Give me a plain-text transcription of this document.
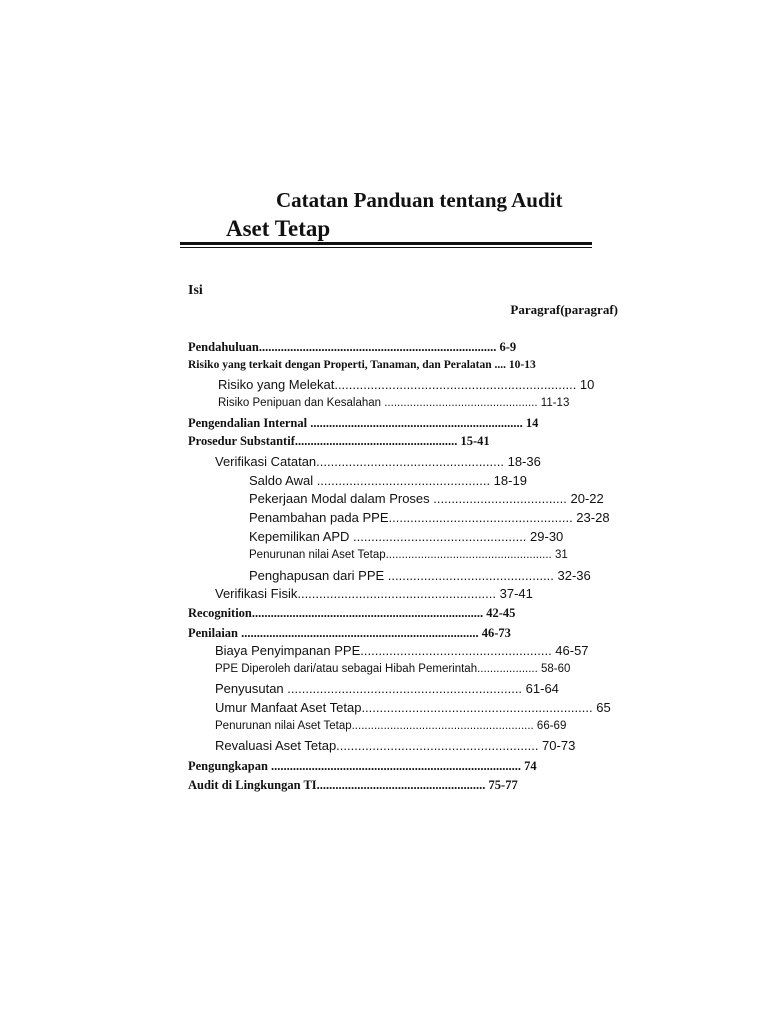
Catatan Panduan tentang Audit
Aset Tetap
Isi
Paragraf(paragraf)
Pendahuluan............................................................................ 6-9
Risiko yang terkait dengan Properti, Tanaman, dan Peralatan .... 10-13
Risiko yang Melekat................................................................... 10
Risiko Penipuan dan Kesalahan ................................................ 11-13
Pengendalian Internal .................................................................... 14
Prosedur Substantif.................................................... 15-41
Verifikasi Catatan.................................................... 18-36
Saldo Awal ................................................ 18-19
Pekerjaan Modal dalam Proses ..................................... 20-22
Penambahan pada PPE................................................... 23-28
Kepemilikan APD ................................................ 29-30
Penurunan nilai Aset Tetap.................................................... 31
Penghapusan dari PPE .............................................. 32-36
Verifikasi Fisik....................................................... 37-41
Recognition.......................................................................... 42-45
Penilaian ............................................................................ 46-73
Biaya Penyimpanan PPE..................................................... 46-57
PPE Diperoleh dari/atau sebagai Hibah Pemerintah................... 58-60
Penyusutan ................................................................. 61-64
Umur Manfaat Aset Tetap................................................................ 65
Penurunan nilai Aset Tetap......................................................... 66-69
Revaluasi Aset Tetap........................................................ 70-73
Pengungkapan ................................................................................ 74
Audit di Lingkungan TI...................................................... 75-77
